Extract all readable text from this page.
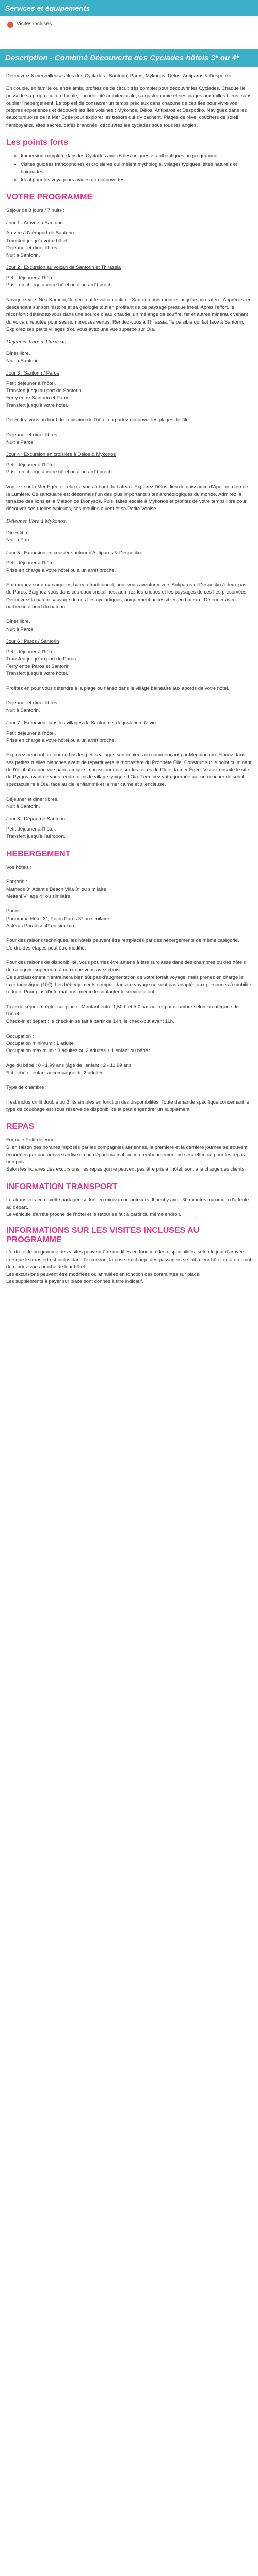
Services et équipements
Visites incluses
Description - Combiné Découverte des Cyclades hôtels 3* ou 4*

Découvrez 6 merveilleuses îles des Cyclades : Santorin, Paros, Mykonos, Délos, Antiparos & Despotiko

En couple, en famille ou entre amis, profitez de ce circuit très complet pour découvrir les Cyclades. Chaque île possède sa propre culture locale, son identité architecturale, sa gastronomie et ses plages aux milles bleus, sans oublier l'hébergement. Le top est de consacrer un temps précieux dans chacune de ces îles pour vivre vos propres expériences et découvrir les îles voisines : Mykonos, Délos, Antiparos et Despotiko. Naviguez dans les eaux turquoise de la Mer Égée pour explorer les trésors qui s'y cachent. Plages de rêve, couchers de soleil flamboyants, sites sacrés, cafés branchés, découvrez les cyclades sous tous les angles.

Les points forts
• Immersion complète dans les Cyclades avec 6 îles uniques et authentiques au programme
• Visites guidées francophones et croisières qui mêlent mythologie, villages typiques, sites naturels et baignades
• Idéal pour les voyageurs avides de découvertes
VOTRE PROGRAMME

Séjour de 8 jours / 7 nuits :

Jour 1 : Arrivée à Santorin

Arrivée à l'aéroport de Santorin.
Transfert jusqu'à votre hôtel.
Déjeuner et dîner libres.
Nuit à Santorin.

Jour 2 : Excursion au volcan de Santorin et Thirassia

Petit déjeuner à l'hôtel.
Prise en charge à votre hôtel ou à un arrêt proche.

Naviguez vers Nea Kameni, île née tout le volcan actif de Santorin puis montez jusqu'à son cratère. Appréciez en descendant sur son histoire et sa géologie tout en profitant de ce paysage presque irréel. Après l'effort, le réconfort : détendez-vous dans une source d'eau chaude, un mélange de souffre, fer et autres minéraux venant du volcan, réputée pour ses nombreuses vertus. Rendez-vous à Thirassia, île paisible qui fait face à Santorin. Explorez ses petits villages d'où vous avez une vue superbe sur Oia.

Déjeuner libre à Thirassia.

Dîner libre.
Nuit à Santorin.

Jour 3 : Santorin / Paros

Petit déjeuner à l'hôtel.
Transfert jusqu'au port de Santorin.
Ferry entre Santorin et Paros.
Transfert jusqu'à votre hôtel.

Détendez-vous au bord de la piscine de l'hôtel ou partez découvrir les plages de l'île.

Déjeuner et dîner libres.
Nuit à Paros.

Jour 4 : Excursion en croisière à Délos & Mykonos

Petit déjeuner à l'hôtel.
Prise en charge à votre hôtel ou à un arrêt proche.

Voguez sur la Mer Égée et relaxez-vous à bord du bateau. Explorez Délos, lieu de naissance d'Apollon, dieu de la Lumière. Ce sanctuaire est désormais l'un des plus importants sites archéologiques du monde. Admirez la terrasse des lions et la Maison de Dionysos. Puis, faites escale à Mykonos et profitez de votre temps libre pour découvrir ses ruelles typiques, ses moulins à vent et sa Petite Venise.

Déjeuner libre à Mykonos.

Dîner libre.
Nuit à Paros.

Jour 5 : Excursion en croisière autour d'Antiparos & Despotiko

Petit déjeuner à l'hôtel.
Prise en charge à votre hôtel ou à un arrêt proche.

Embarquez sur un « caïque », bateau traditionnel, pour vous aventurer vers Antiparos et Despotiko à deux pas de Paros. Baignez-vous dans ces eaux cristallines, admirez les criques et les paysages de ces îles préservées. Découvrez la nature sauvage de ces îles cycladiques, uniquement accessibles en bateau ! Déjeuner avec barbecue à bord du bateau.

Dîner libre.
Nuit à Paros.

Jour 6 : Paros / Santorin

Petit déjeuner à l'hôtel.
Transfert jusqu'au port de Paros.
Ferry entre Paros et Santorin.
Transfert jusqu'à votre hôtel.

Profitez en pour vous détendre à la plage ou flânez dans le village balnéaire aux abords de votre hôtel.

Déjeuner et dîner libres.
Nuit à Santorin.

Jour 7 : Excursion dans les villages de Santorin et dégustation de vin

Petit déjeuner à l'hôtel.
Prise en charge à votre hôtel ou à un arrêt proche.

Explorez pendant ce tour en bus les petits villages santoriniens en commençant par Megalochori. Flânez dans ses petites ruelles blanches avant de repartir vers le monastère du Prophète Élie. Construit sur le point culminant de l'île, il offre une vue panoramique impressionnante sur les terres de l'île et la mer Égée. Visitez ensuite le site de Pyrgos avant de vous rendre dans le village typique d'Oia. Terminez votre journée par un coucher de soleil spectaculaire à Oia, face au ciel enflammé et la mer calme et silencieuse.

Déjeuner et dîner libres.
Nuit à Santorin.

Jour 8 : Départ de Santorin

Petit déjeuner à l'hôtel.
Transfert jusqu'à l'aéroport.

HEBERGEMENT

Vos hôtels :

Santorin :
Mathéos 3* Atlantis Beach Villa 3* ou similaire
Melteni Village 4* ou similaire

Paros :
Panorama Hôtel 3*, Potos Paros 3* ou similaire
Astéras Paradise 4* ou similaire

Pour des raisons techniques, les hôtels peuvent être remplacés par des hébergements de même catégorie.
L'ordre des étapes peut être modifié.

Pour des raisons de disponibilité, vous pourriez être amené à être surclassé dans des chambres ou des hôtels de catégorie supérieure à ceux que vous avez choisi.
Ce surclassement n'entraînera bien sûr pas d'augmentation de votre forfait voyage, mais prenez en charge la taxe touristique (10€). Les hébergements compris dans ce voyage ne sont pas adaptés aux personnes à mobilité réduite. Pour plus d'informations, merci de contacter le service client.

Taxe de séjour à régler sur place : Montant entre 1,50 € et 5 € par nuit et par chambre selon la catégorie de l'hôtel.
Check-in et départ : le check-in se fait à partir de 14h, le check-out avant 11h.

Occupation :
Occupation minimum : 1 adulte
Occupation maximum : 3 adultes ou 2 adultes + 1 enfant ou bébé*

Âge du bébé : 0 - 1,99 ans (âge de l'enfant : 2 - 11,99 ans
*Lit bébé et enfant accompagné de 2 adultes

Type de chambre :

Il est inclus un lit double ou 2 lits simples en fonction des disponibilités. Toute demande spécifique concernant le type de couchage est sous réserve de disponibilité et peut engendrer un supplément.

REPAS

Formule Petit-déjeuner.
Si en raison des horaires imposés par les compagnies aériennes, la première et la dernière journée se trouvent écourtées par une arrivée tardive ou un départ matinal, aucun remboursement ne sera effectué pour les repas non pris.
Selon les horaires des excursions, les repas qui ne peuvent pas être pris à l'hôtel, sont à la charge des clients.

INFORMATION TRANSPORT

Les transferts en navette partagée se font en minivan ou autocars. Il peut y avoir 30 minutes maximum d'attente au départ.
Le véhicule s'arrête proche de l'hôtel et le retour se fait à partir du même endroit.

INFORMATIONS SUR LES VISITES INCLUSES AU PROGRAMME

L'ordre et le programme des visites peuvent être modifiés en fonction des disponibilités, selon le jour d'arrivée.
Lorsque le transfert est inclus dans l'excursion, la prise en charge des passagers se fait à leur hôtel ou à un point de rendez-vous proche de leur hôtel.
Les excursions peuvent être modifiées ou annulées en fonction des contraintes sur place.
Les suppléments à payer sur place sont donnés à titre indicatif.
